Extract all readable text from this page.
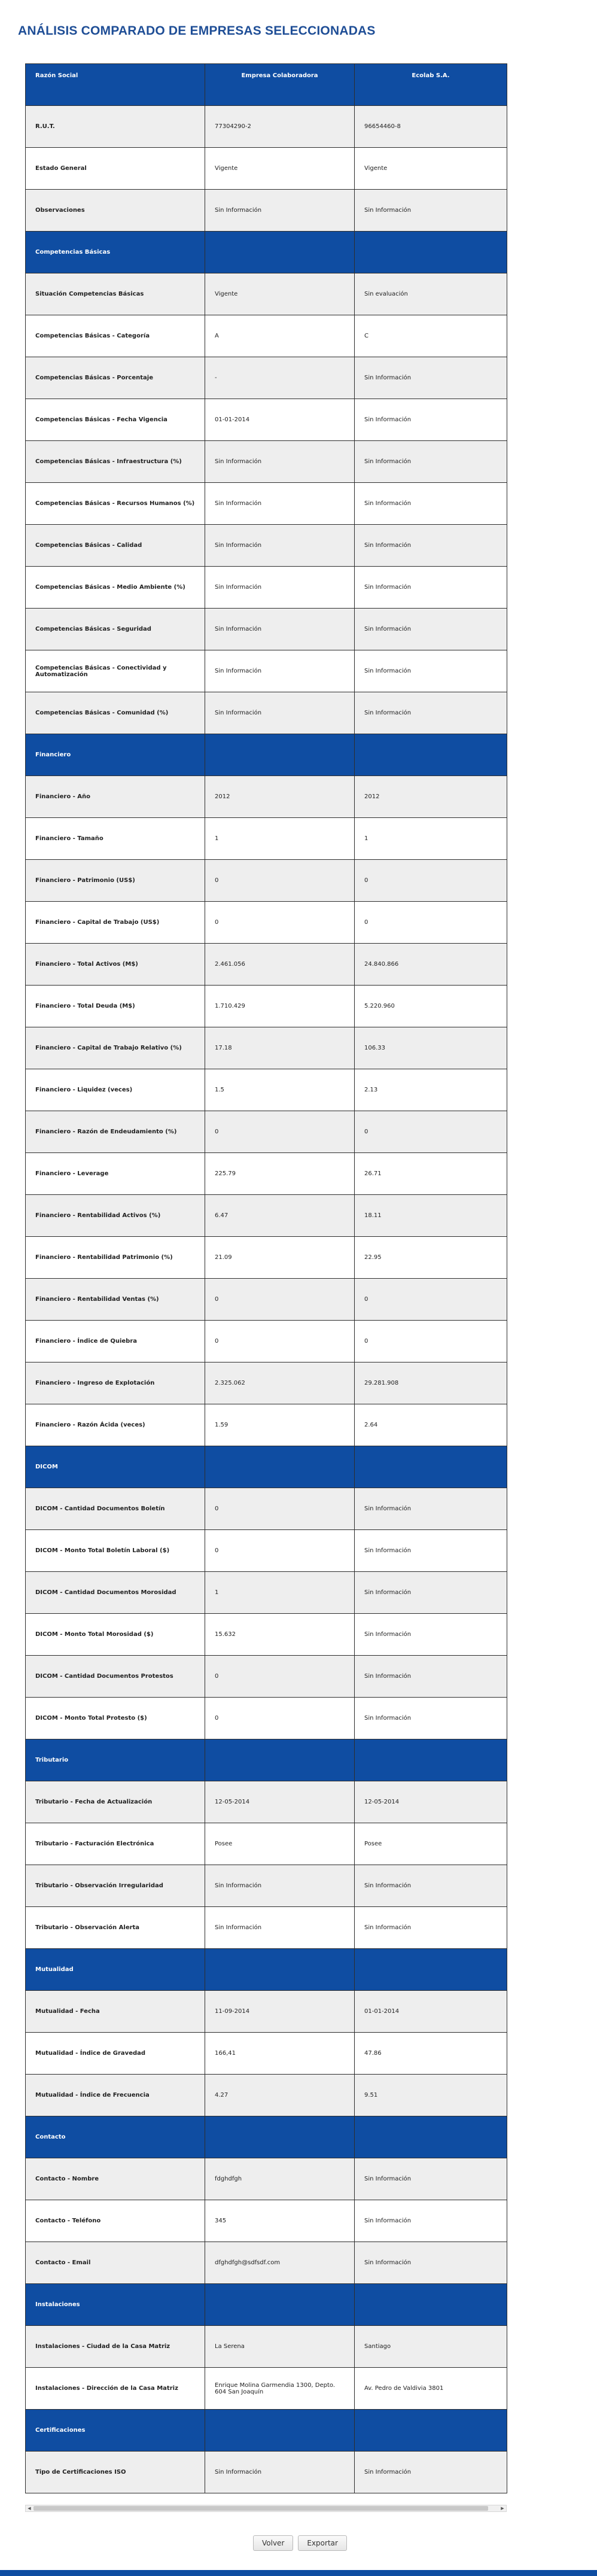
ANÁLISIS COMPARADO DE EMPRESAS SELECCIONADAS
Razón Social	Empresa Colaboradora	Ecolab S.A.
R.U.T.	77304290-2	96654460-8
Estado General	Vigente	Vigente
Observaciones	Sin Información	Sin Información
Competencias Básicas		
Situación Competencias Básicas	Vigente	Sin evaluación
Competencias Básicas - Categoría	A	C
Competencias Básicas - Porcentaje	-	Sin Información
Competencias Básicas - Fecha Vigencia	01-01-2014	Sin Información
Competencias Básicas - Infraestructura (%)	Sin Información	Sin Información
Competencias Básicas - Recursos Humanos (%)	Sin Información	Sin Información
Competencias Básicas - Calidad	Sin Información	Sin Información
Competencias Básicas - Medio Ambiente (%)	Sin Información	Sin Información
Competencias Básicas - Seguridad	Sin Información	Sin Información
Competencias Básicas - Conectividad y Automatización	Sin Información	Sin Información
Competencias Básicas - Comunidad (%)	Sin Información	Sin Información
Financiero		
Financiero - Año	2012	2012
Financiero - Tamaño	1	1
Financiero - Patrimonio (US$)	0	0
Financiero - Capital de Trabajo (US$)	0	0
Financiero - Total Activos (M$)	2.461.056	24.840.866
Financiero - Total Deuda (M$)	1.710.429	5.220.960
Financiero - Capital de Trabajo Relativo (%)	17.18	106.33
Financiero - Liquidez (veces)	1.5	2.13
Financiero - Razón de Endeudamiento (%)	0	0
Financiero - Leverage	225.79	26.71
Financiero - Rentabilidad Activos (%)	6.47	18.11
Financiero - Rentabilidad Patrimonio (%)	21.09	22.95
Financiero - Rentabilidad Ventas (%)	0	0
Financiero - Índice de Quiebra	0	0
Financiero - Ingreso de Explotación	2.325.062	29.281.908
Financiero - Razón Ácida (veces)	1.59	2.64
DICOM		
DICOM - Cantidad Documentos Boletín	0	Sin Información
DICOM - Monto Total Boletín Laboral ($)	0	Sin Información
DICOM - Cantidad Documentos Morosidad	1	Sin Información
DICOM - Monto Total Morosidad ($)	15.632	Sin Información
DICOM - Cantidad Documentos Protestos	0	Sin Información
DICOM - Monto Total Protesto ($)	0	Sin Información
Tributario		
Tributario - Fecha de Actualización	12-05-2014	12-05-2014
Tributario - Facturación Electrónica	Posee	Posee
Tributario - Observación Irregularidad	Sin Información	Sin Información
Tributario - Observación Alerta	Sin Información	Sin Información
Mutualidad		
Mutualidad - Fecha	11-09-2014	01-01-2014
Mutualidad - Índice de Gravedad	166,41	47.86
Mutualidad - Índice de Frecuencia	4.27	9.51
Contacto		
Contacto - Nombre	fdghdfgh	Sin Información
Contacto - Teléfono	345	Sin Información
Contacto - Email	dfghdfgh@sdfsdf.com	Sin Información
Instalaciones		
Instalaciones - Ciudad de la Casa Matriz	La Serena	Santiago
Instalaciones - Dirección de la Casa Matriz	Enrique Molina Garmendia 1300, Depto. 604 San Joaquín	Av. Pedro de Valdivia 3801
Certificaciones		
Tipo de Certificaciones ISO	Sin Información	Sin Información
◀	▶
Volver	Exportar
